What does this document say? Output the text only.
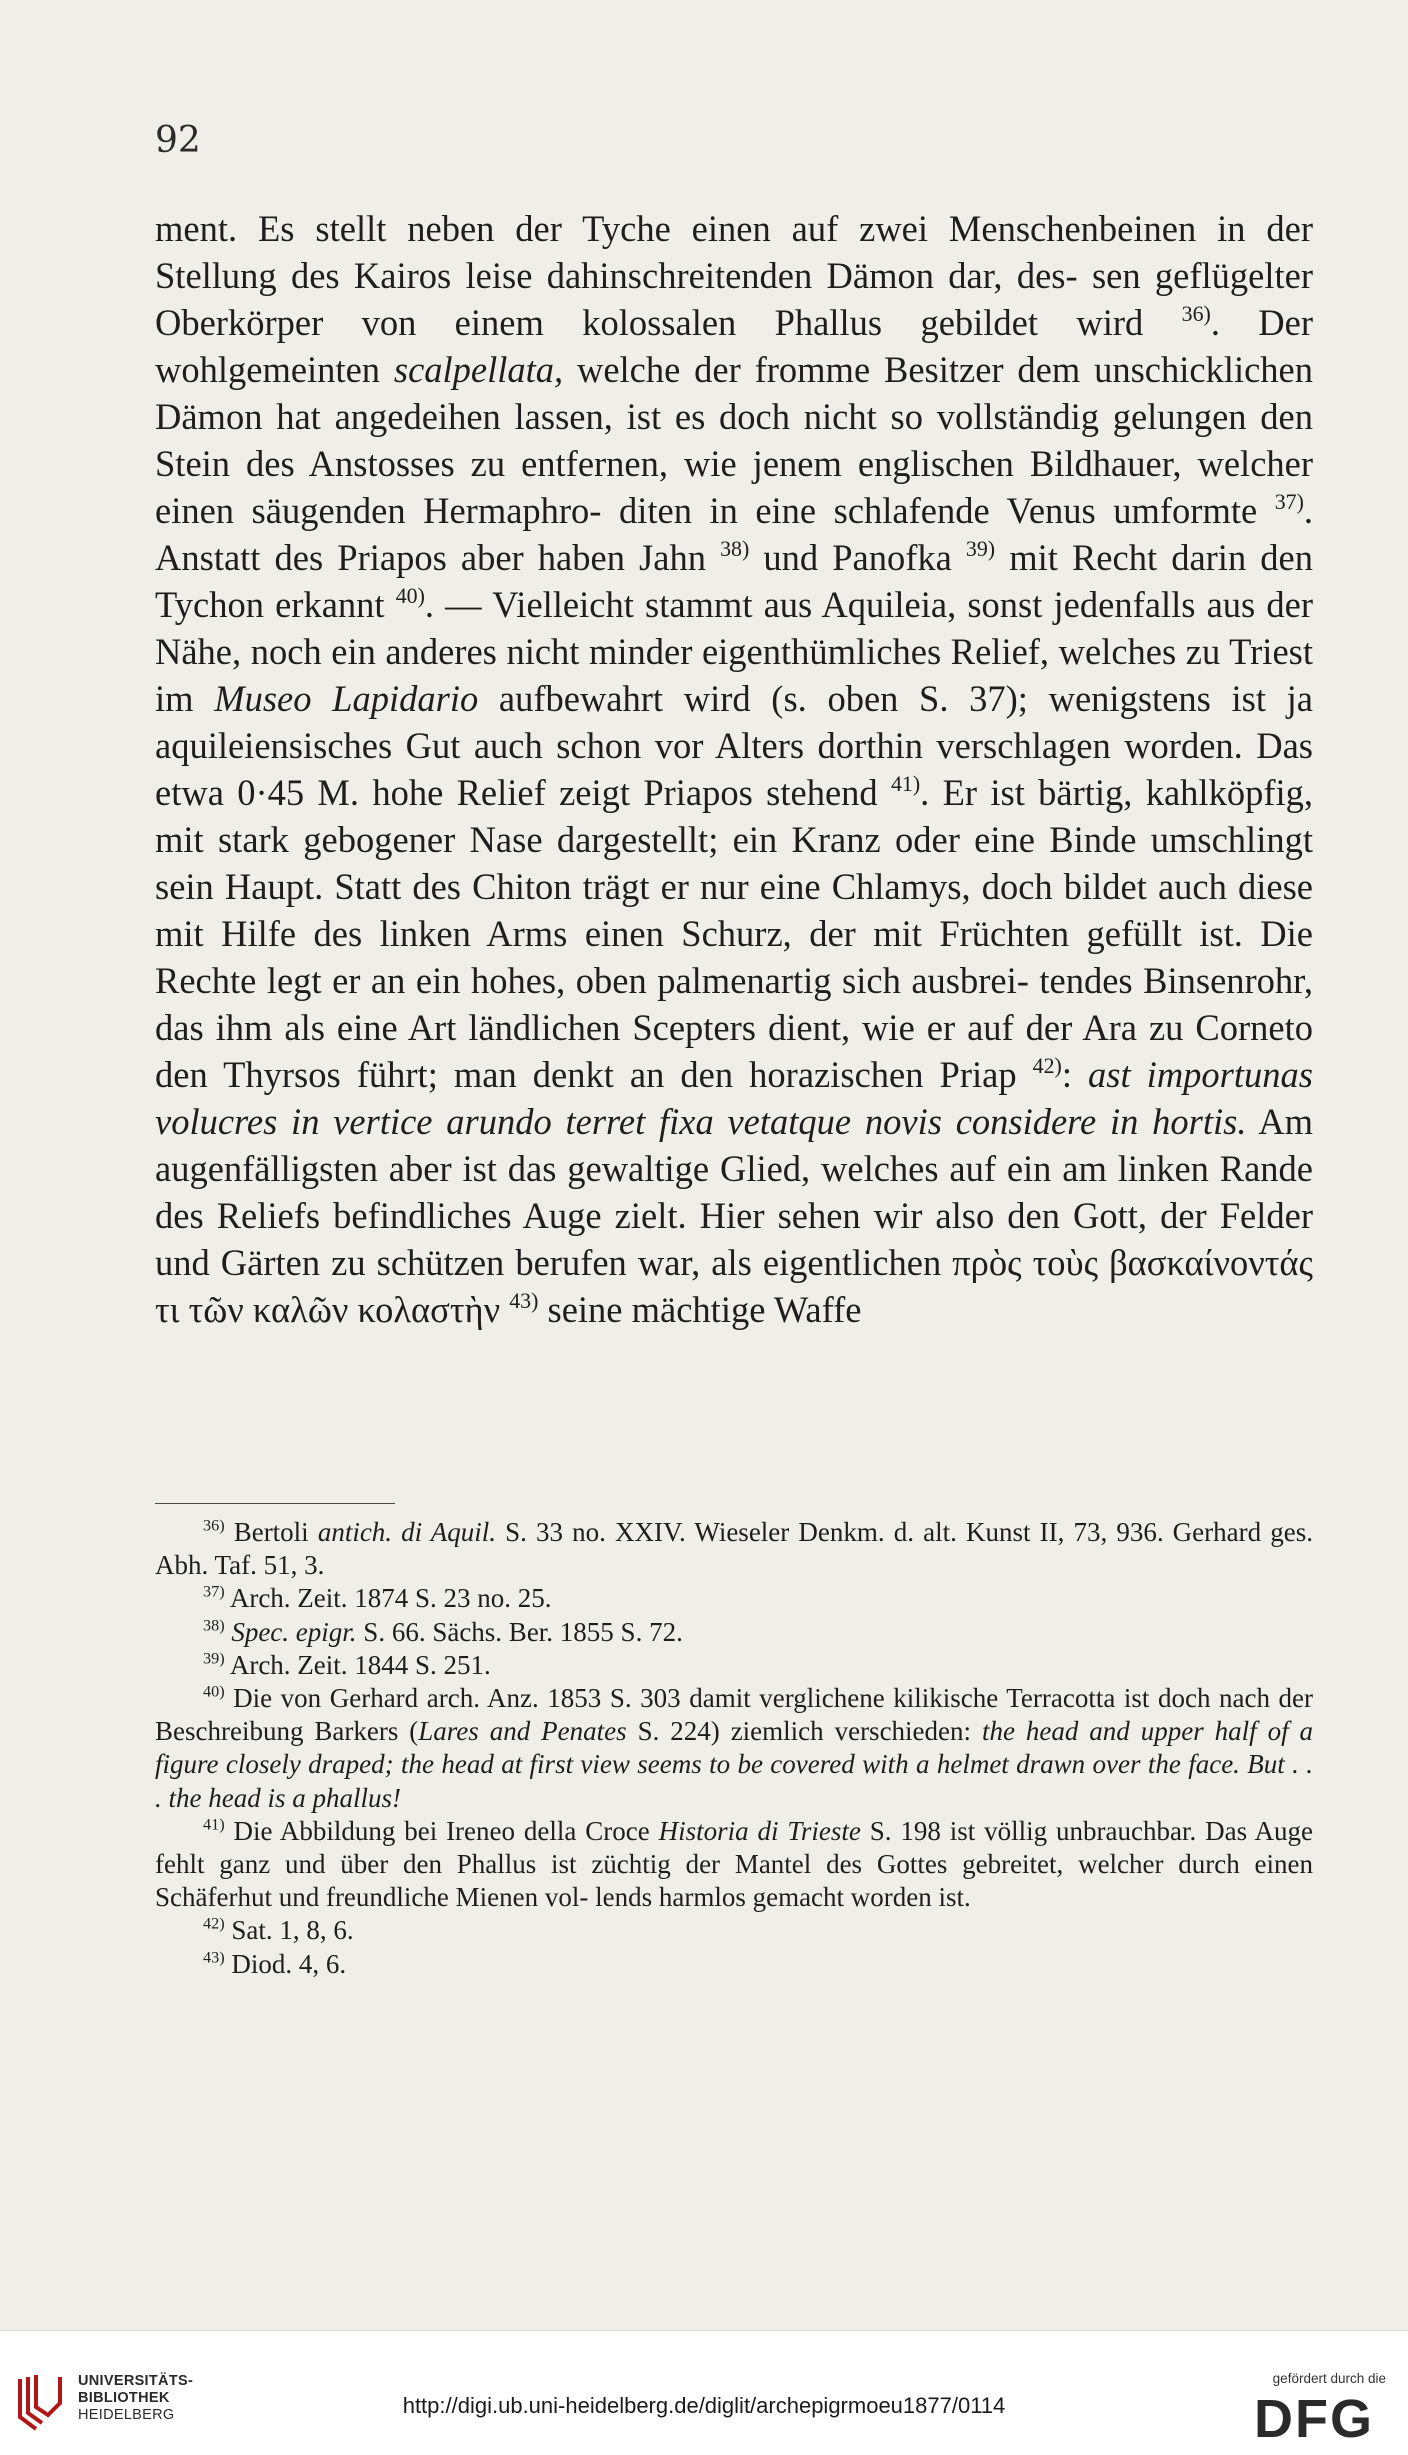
92

ment. Es stellt neben der Tyche einen auf zwei Menschenbeinen in der Stellung des Kairos leise dahinschreitenden Dämon dar, des- sen geflügelter Oberkörper von einem kolossalen Phallus gebildet wird $^{36)}$. Der wohlgemeinten scalpellata, welche der fromme Besitzer dem unschicklichen Dämon hat angedeihen lassen, ist es doch nicht so vollständig gelungen den Stein des Anstosses zu entfernen, wie jenem englischen Bildhauer, welcher einen säugenden Hermaphro- diten in eine schlafende Venus umformte $^{37)}$. Anstatt des Priapos aber haben Jahn $^{38)}$ und Panofka $^{39)}$ mit Recht darin den Tychon erkannt $^{40)}$. — Vielleicht stammt aus Aquileia, sonst jedenfalls aus der Nähe, noch ein anderes nicht minder eigenthümliches Relief, welches zu Triest im Museo Lapidario aufbewahrt wird (s. oben S. 37); wenigstens ist ja aquileiensisches Gut auch schon vor Alters dorthin verschlagen worden. Das etwa 0·45 M. hohe Relief zeigt Priapos stehend $^{41)}$. Er ist bärtig, kahlköpfig, mit stark gebogener Nase dargestellt; ein Kranz oder eine Binde umschlingt sein Haupt. Statt des Chiton trägt er nur eine Chlamys, doch bildet auch diese mit Hilfe des linken Arms einen Schurz, der mit Früchten gefüllt ist. Die Rechte legt er an ein hohes, oben palmenartig sich ausbrei- tendes Binsenrohr, das ihm als eine Art ländlichen Scepters dient, wie er auf der Ara zu Corneto den Thyrsos führt; man denkt an den horazischen Priap $^{42)}$: ast importunas volucres in vertice arundo terret fixa vetatque novis considere in hortis. Am augenfälligsten aber ist das gewaltige Glied, welches auf ein am linken Rande des Reliefs befindliches Auge zielt. Hier sehen wir also den Gott, der Felder und Gärten zu schützen berufen war, als eigentlichen πρὸς τοὺς βασκαίνοντάς τι τῶν καλῶν κολαστὴν $^{43)}$ seine mächtige Waffe

$^{36)}$ Bertoli antich. di Aquil. S. 33 no. XXIV. Wieseler Denkm. d. alt. Kunst II, 73, 936. Gerhard ges. Abh. Taf. 51, 3.

$^{37)}$ Arch. Zeit. 1874 S. 23 no. 25.

$^{38)}$ Spec. epigr. S. 66. Sächs. Ber. 1855 S. 72.

$^{39)}$ Arch. Zeit. 1844 S. 251.

$^{40)}$ Die von Gerhard arch. Anz. 1853 S. 303 damit verglichene kilikische Terracotta ist doch nach der Beschreibung Barkers (Lares and Penates S. 224) ziemlich verschieden: the head and upper half of a figure closely draped; the head at first view seems to be covered with a helmet drawn over the face. But . . . the head is a phallus!

$^{41)}$ Die Abbildung bei Ireneo della Croce Historia di Trieste S. 198 ist völlig unbrauchbar. Das Auge fehlt ganz und über den Phallus ist züchtig der Mantel des Gottes gebreitet, welcher durch einen Schäferhut und freundliche Mienen vol- lends harmlos gemacht worden ist.

$^{42)}$ Sat. 1, 8, 6.

$^{43)}$ Diod. 4, 6.

UNIVERSITÄTS-
BIBLIOTHEK
HEIDELBERG	http://digi.ub.uni-heidelberg.de/diglit/archepigrmoeu1877/0114
gefördert durch die
DFG
